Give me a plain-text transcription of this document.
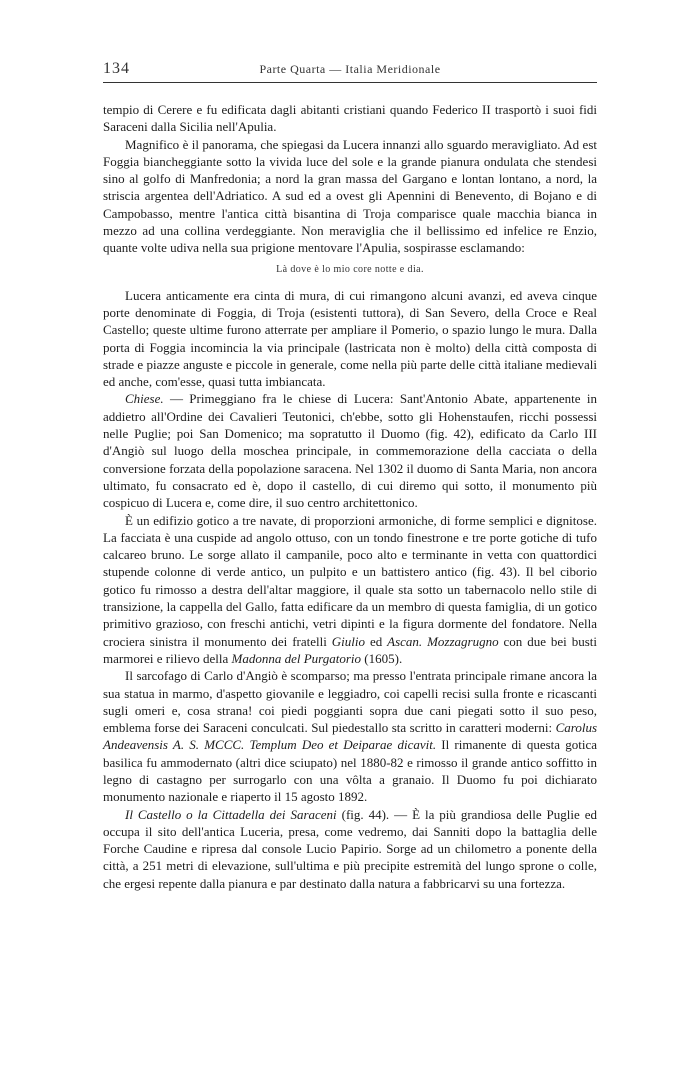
134	Parte Quarta — Italia Meridionale

tempio di Cerere e fu edificata dagli abitanti cristiani quando Federico II trasportò i suoi fidi Saraceni dalla Sicilia nell'Apulia.

Magnifico è il panorama, che spiegasi da Lucera innanzi allo sguardo meravigliato. Ad est Foggia biancheggiante sotto la vivida luce del sole e la grande pianura ondulata che stendesi sino al golfo di Manfredonia; a nord la gran massa del Gargano e lontan lontano, a nord, la striscia argentea dell'Adriatico. A sud ed a ovest gli Apennini di Benevento, di Bojano e di Campobasso, mentre l'antica città bisantina di Troja comparisce quale macchia bianca in mezzo ad una collina verdeggiante. Non meraviglia che il bellissimo ed infelice re Enzio, quante volte udiva nella sua prigione mentovare l'Apulia, sospirasse esclamando:

Là dove è lo mio core notte e dia.

Lucera anticamente era cinta di mura, di cui rimangono alcuni avanzi, ed aveva cinque porte denominate di Foggia, di Troja (esistenti tuttora), di San Severo, della Croce e Real Castello; queste ultime furono atterrate per ampliare il Pomerio, o spazio lungo le mura. Dalla porta di Foggia incomincia la via principale (lastricata non è molto) della città composta di strade e piazze anguste e piccole in generale, come nella più parte delle città italiane medievali ed anche, com'esse, quasi tutta imbiancata.

Chiese. — Primeggiano fra le chiese di Lucera: Sant'Antonio Abate, appartenente in addietro all'Ordine dei Cavalieri Teutonici, ch'ebbe, sotto gli Hohenstaufen, ricchi possessi nelle Puglie; poi San Domenico; ma sopratutto il Duomo (fig. 42), edificato da Carlo III d'Angiò sul luogo della moschea principale, in commemorazione della cacciata o della conversione forzata della popolazione saracena. Nel 1302 il duomo di Santa Maria, non ancora ultimato, fu consacrato ed è, dopo il castello, di cui diremo qui sotto, il monumento più cospicuo di Lucera e, come dire, il suo centro architettonico.

È un edifizio gotico a tre navate, di proporzioni armoniche, di forme semplici e dignitose. La facciata è una cuspide ad angolo ottuso, con un tondo finestrone e tre porte gotiche di tufo calcareo bruno. Le sorge allato il campanile, poco alto e terminante in vetta con quattordici stupende colonne di verde antico, un pulpito e un battistero antico (fig. 43). Il bel ciborio gotico fu rimosso a destra dell'altar maggiore, il quale sta sotto un tabernacolo nello stile di transizione, la cappella del Gallo, fatta edificare da un membro di questa famiglia, di un gotico primitivo grazioso, con freschi antichi, vetri dipinti e la figura dormente del fondatore. Nella crociera sinistra il monumento dei fratelli Giulio ed Ascan. Mozzagrugno con due bei busti marmorei e rilievo della Madonna del Purgatorio (1605).

Il sarcofago di Carlo d'Angiò è scomparso; ma presso l'entrata principale rimane ancora la sua statua in marmo, d'aspetto giovanile e leggiadro, coi capelli recisi sulla fronte e ricascanti sugli omeri e, cosa strana! coi piedi poggianti sopra due cani piegati sotto il suo peso, emblema forse dei Saraceni conculcati. Sul piedestallo sta scritto in caratteri moderni: Carolus Andeavensis A. S. MCCC. Templum Deo et Deiparae dicavit. Il rimanente di questa gotica basilica fu ammodernato (altri dice sciupato) nel 1880-82 e rimosso il grande antico soffitto in legno di castagno per surrogarlo con una vôlta a granaio. Il Duomo fu poi dichiarato monumento nazionale e riaperto il 15 agosto 1892.

Il Castello o la Cittadella dei Saraceni (fig. 44). — È la più grandiosa delle Puglie ed occupa il sito dell'antica Luceria, presa, come vedremo, dai Sanniti dopo la battaglia delle Forche Caudine e ripresa dal console Lucio Papirio. Sorge ad un chilometro a ponente della città, a 251 metri di elevazione, sull'ultima e più precipite estremità del lungo sprone o colle, che ergesi repente dalla pianura e par destinato dalla natura a fabbricarvi su una fortezza.
